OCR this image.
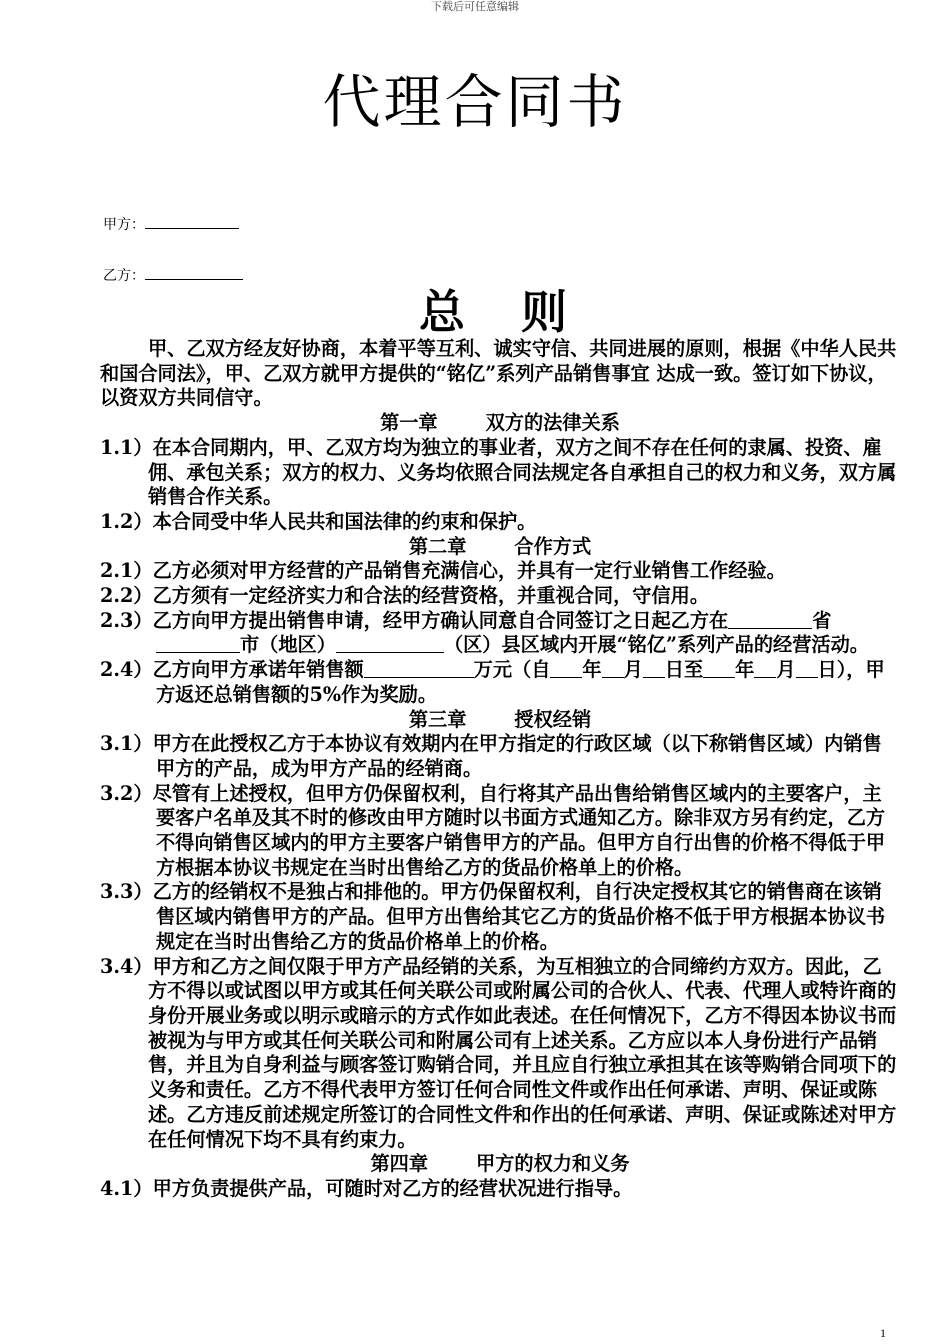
下载后可任意编辑
代理合同书
甲方：
乙方：
总 则

甲、乙双方经友好协商，本着平等互利、诚实守信、共同进展的原则，根据《中华人民共和国合同法》，甲、乙双方就甲方提供的“铭亿”系列产品销售事宜 达成一致。签订如下协议，以资双方共同信守。

第一章	双方的法律关系

1.1）在本合同期内，甲、乙双方均为独立的事业者，双方之间不存在任何的隶属、投资、雇佣、承包关系；双方的权力、义务均依照合同法规定各自承担自己的权力和义务，双方属销售合作关系。

1.2）本合同受中华人民共和国法律的约束和保护。

第二章	合作方式

2.1）乙方必须对甲方经营的产品销售充满信心，并具有一定行业销售工作经验。

2.2）乙方须有一定经济实力和合法的经营资格，并重视合同，守信用。

2.3）乙方向甲方提出销售申请，经甲方确认同意自合同签订之日起乙方在	省市（地区）	（区）县区域内开展“铭亿”系列产品的经营活动。

2.4）乙方向甲方承诺年销售额	万元（自 年 月 日至 年 月 日），甲方返还总销售额的5%作为奖励。

第三章	授权经销

3.1）甲方在此授权乙方于本协议有效期内在甲方指定的行政区域（以下称销售区域）内销售甲方的产品，成为甲方产品的经销商。

3.2）尽管有上述授权，但甲方仍保留权利，自行将其产品出售给销售区域内的主要客户，主要客户名单及其不时的修改由甲方随时以书面方式通知乙方。除非双方另有约定，乙方不得向销售区域内的甲方主要客户销售甲方的产品。但甲方自行出售的价格不得低于甲方根据本协议书规定在当时出售给乙方的货品价格单上的价格。

3.3）乙方的经销权不是独占和排他的。甲方仍保留权利，自行决定授权其它的销售商在该销售区域内销售甲方的产品。但甲方出售给其它乙方的货品价格不低于甲方根据本协议书规定在当时出售给乙方的货品价格单上的价格。

3.4）甲方和乙方之间仅限于甲方产品经销的关系，为互相独立的合同缔约方双方。因此，乙方不得以或试图以甲方或其任何关联公司或附属公司的合伙人、代表、代理人或特许商的身份开展业务或以明示或暗示的方式作如此表述。在任何情况下，乙方不得因本协议书而被视为与甲方或其任何关联公司和附属公司有上述关系。乙方应以本人身份进行产品销售，并且为自身利益与顾客签订购销合同，并且应自行独立承担其在该等购销合同项下的义务和责任。乙方不得代表甲方签订任何合同性文件或作出任何承诺、声明、保证或陈述。乙方违反前述规定所签订的合同性文件和作出的任何承诺、声明、保证或陈述对甲方在任何情况下均不具有约束力。

第四章	甲方的权力和义务

4.1）甲方负责提供产品，可随时对乙方的经营状况进行指导。

1
